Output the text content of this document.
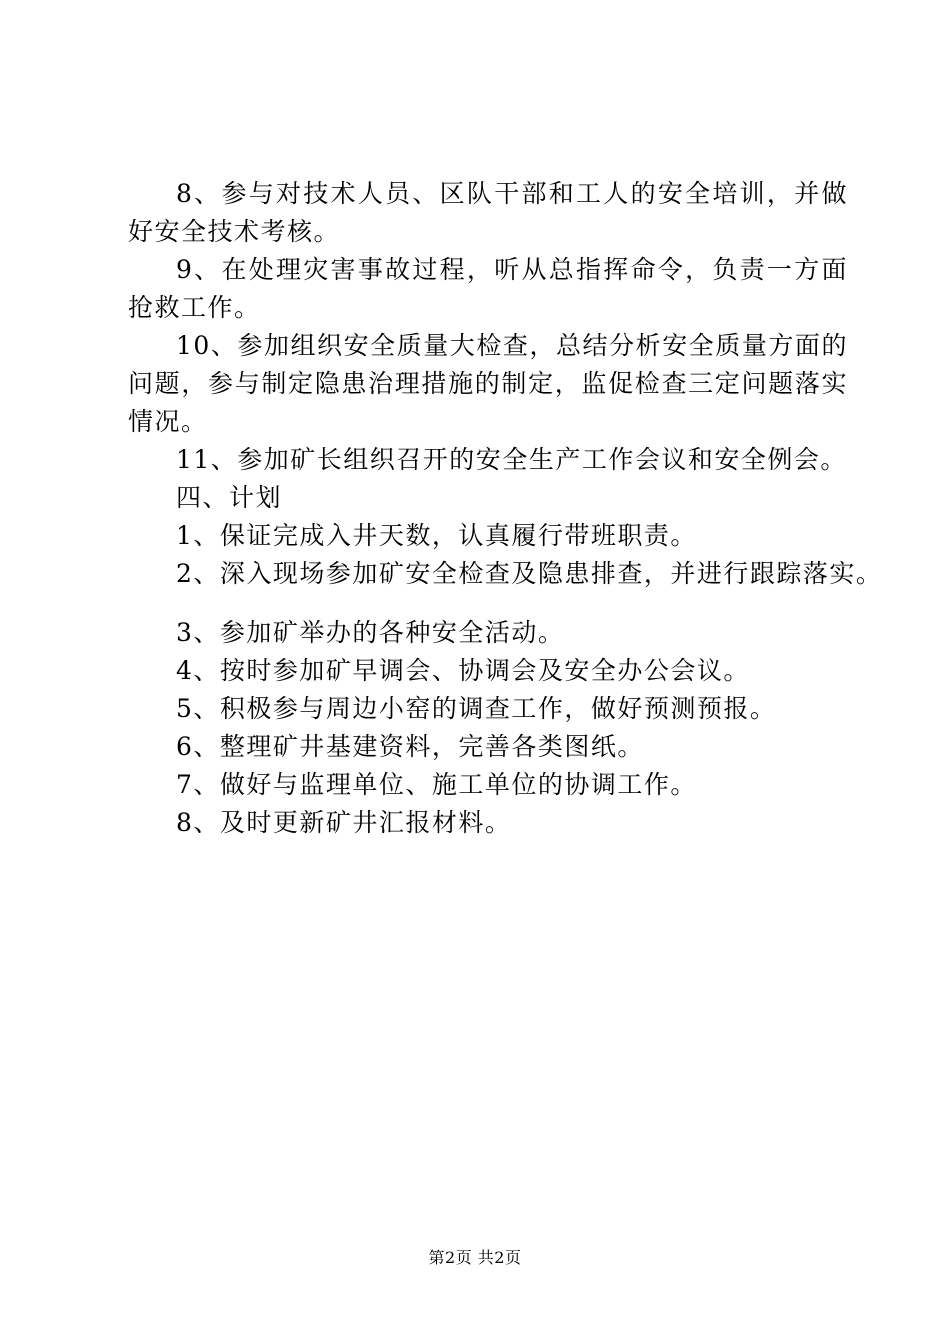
8、参与对技术人员、区队干部和工人的安全培训，并做好安全技术考核。

9、在处理灾害事故过程，听从总指挥命令，负责一方面抢救工作。

10、参加组织安全质量大检查，总结分析安全质量方面的问题，参与制定隐患治理措施的制定，监促检查三定问题落实情况。

11、参加矿长组织召开的安全生产工作会议和安全例会。

四、计划

1、保证完成入井天数，认真履行带班职责。

2、深入现场参加矿安全检查及隐患排查，并进行跟踪落实。

3、参加矿举办的各种安全活动。

4、按时参加矿早调会、协调会及安全办公会议。

5、积极参与周边小窑的调查工作，做好预测预报。

6、整理矿井基建资料，完善各类图纸。

7、做好与监理单位、施工单位的协调工作。

8、及时更新矿井汇报材料。

第2页 共2页
